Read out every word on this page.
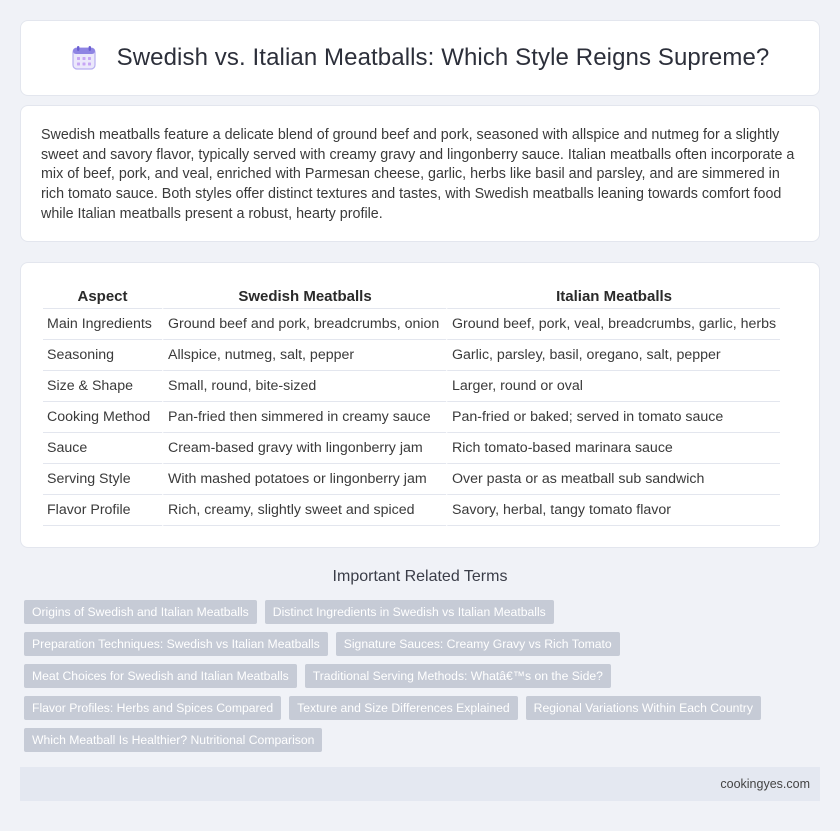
Swedish vs. Italian Meatballs: Which Style Reigns Supreme?

Swedish meatballs feature a delicate blend of ground beef and pork, seasoned with allspice and nutmeg for a slightly sweet and savory flavor, typically served with creamy gravy and lingonberry sauce. Italian meatballs often incorporate a mix of beef, pork, and veal, enriched with Parmesan cheese, garlic, herbs like basil and parsley, and are simmered in rich tomato sauce. Both styles offer distinct textures and tastes, with Swedish meatballs leaning towards comfort food while Italian meatballs present a robust, hearty profile.

Aspect	Swedish Meatballs	Italian Meatballs
Main Ingredients	Ground beef and pork, breadcrumbs, onion	Ground beef, pork, veal, breadcrumbs, garlic, herbs
Seasoning	Allspice, nutmeg, salt, pepper	Garlic, parsley, basil, oregano, salt, pepper
Size & Shape	Small, round, bite-sized	Larger, round or oval
Cooking Method	Pan-fried then simmered in creamy sauce	Pan-fried or baked; served in tomato sauce
Sauce	Cream-based gravy with lingonberry jam	Rich tomato-based marinara sauce
Serving Style	With mashed potatoes or lingonberry jam	Over pasta or as meatball sub sandwich
Flavor Profile	Rich, creamy, slightly sweet and spiced	Savory, herbal, tangy tomato flavor
Important Related Terms
Origins of Swedish and Italian Meatballs	Distinct Ingredients in Swedish vs Italian Meatballs
Preparation Techniques: Swedish vs Italian Meatballs	Signature Sauces: Creamy Gravy vs Rich Tomato
Meat Choices for Swedish and Italian Meatballs	Traditional Serving Methods: Whatâ€™s on the Side?
Flavor Profiles: Herbs and Spices Compared	Texture and Size Differences Explained	Regional Variations Within Each Country
Which Meatball Is Healthier? Nutritional Comparison
cookingyes.com
